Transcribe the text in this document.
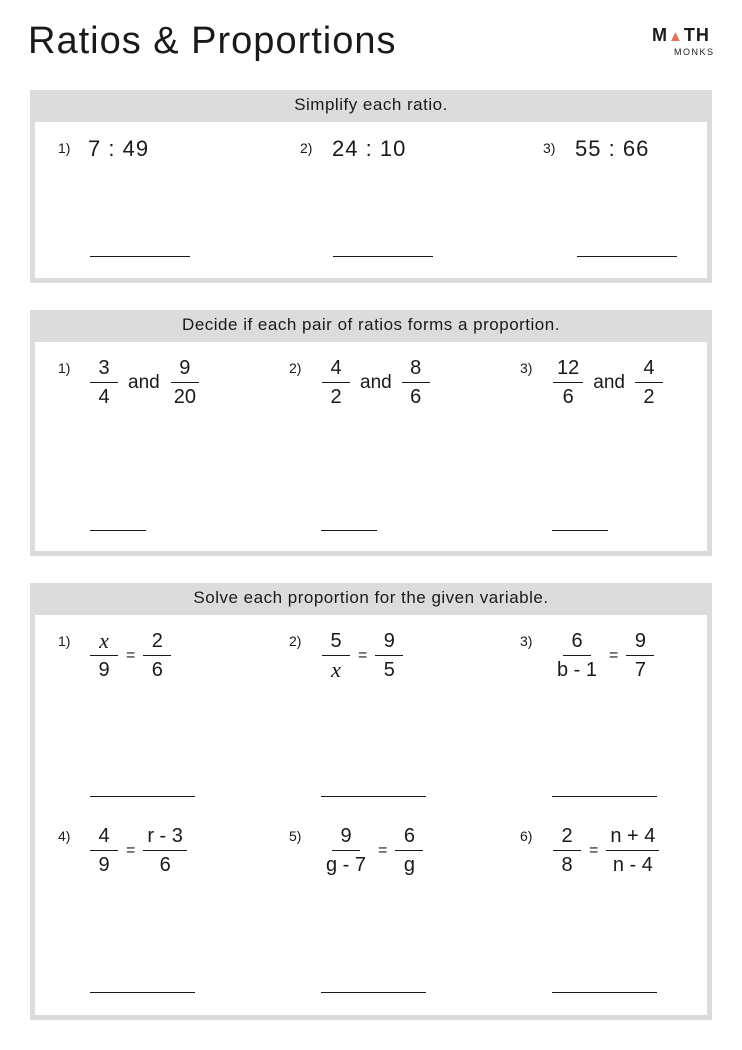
Ratios & Proportions	M▲TH
MONKS
Simplify each ratio.
1) 7
:
49	2) 24
:
10	3) 55
:
66
Decide if each pair of ratios forms a proportion.
$1) \frac{3}{4}$ and $\frac{9}{20}$	$2) \frac{4}{2}$ and $\frac{8}{6}$	$3) \frac{12}{6}$ and $\frac{4}{2}$
Solve each proportion for the given variable.
$1) \frac{x}{9} = \frac{2}{6}$	$2) \frac{5}{x} = \frac{9}{5}$	$3) \frac{6}{b - 1} = \frac{9}{7}$
$4) \frac{4}{9} = \frac{r - 3}{6}$	$5) \frac{9}{g - 7} = \frac{6}{g}$	$6) \frac{2}{8} = \frac{n + 4}{n - 4}$
